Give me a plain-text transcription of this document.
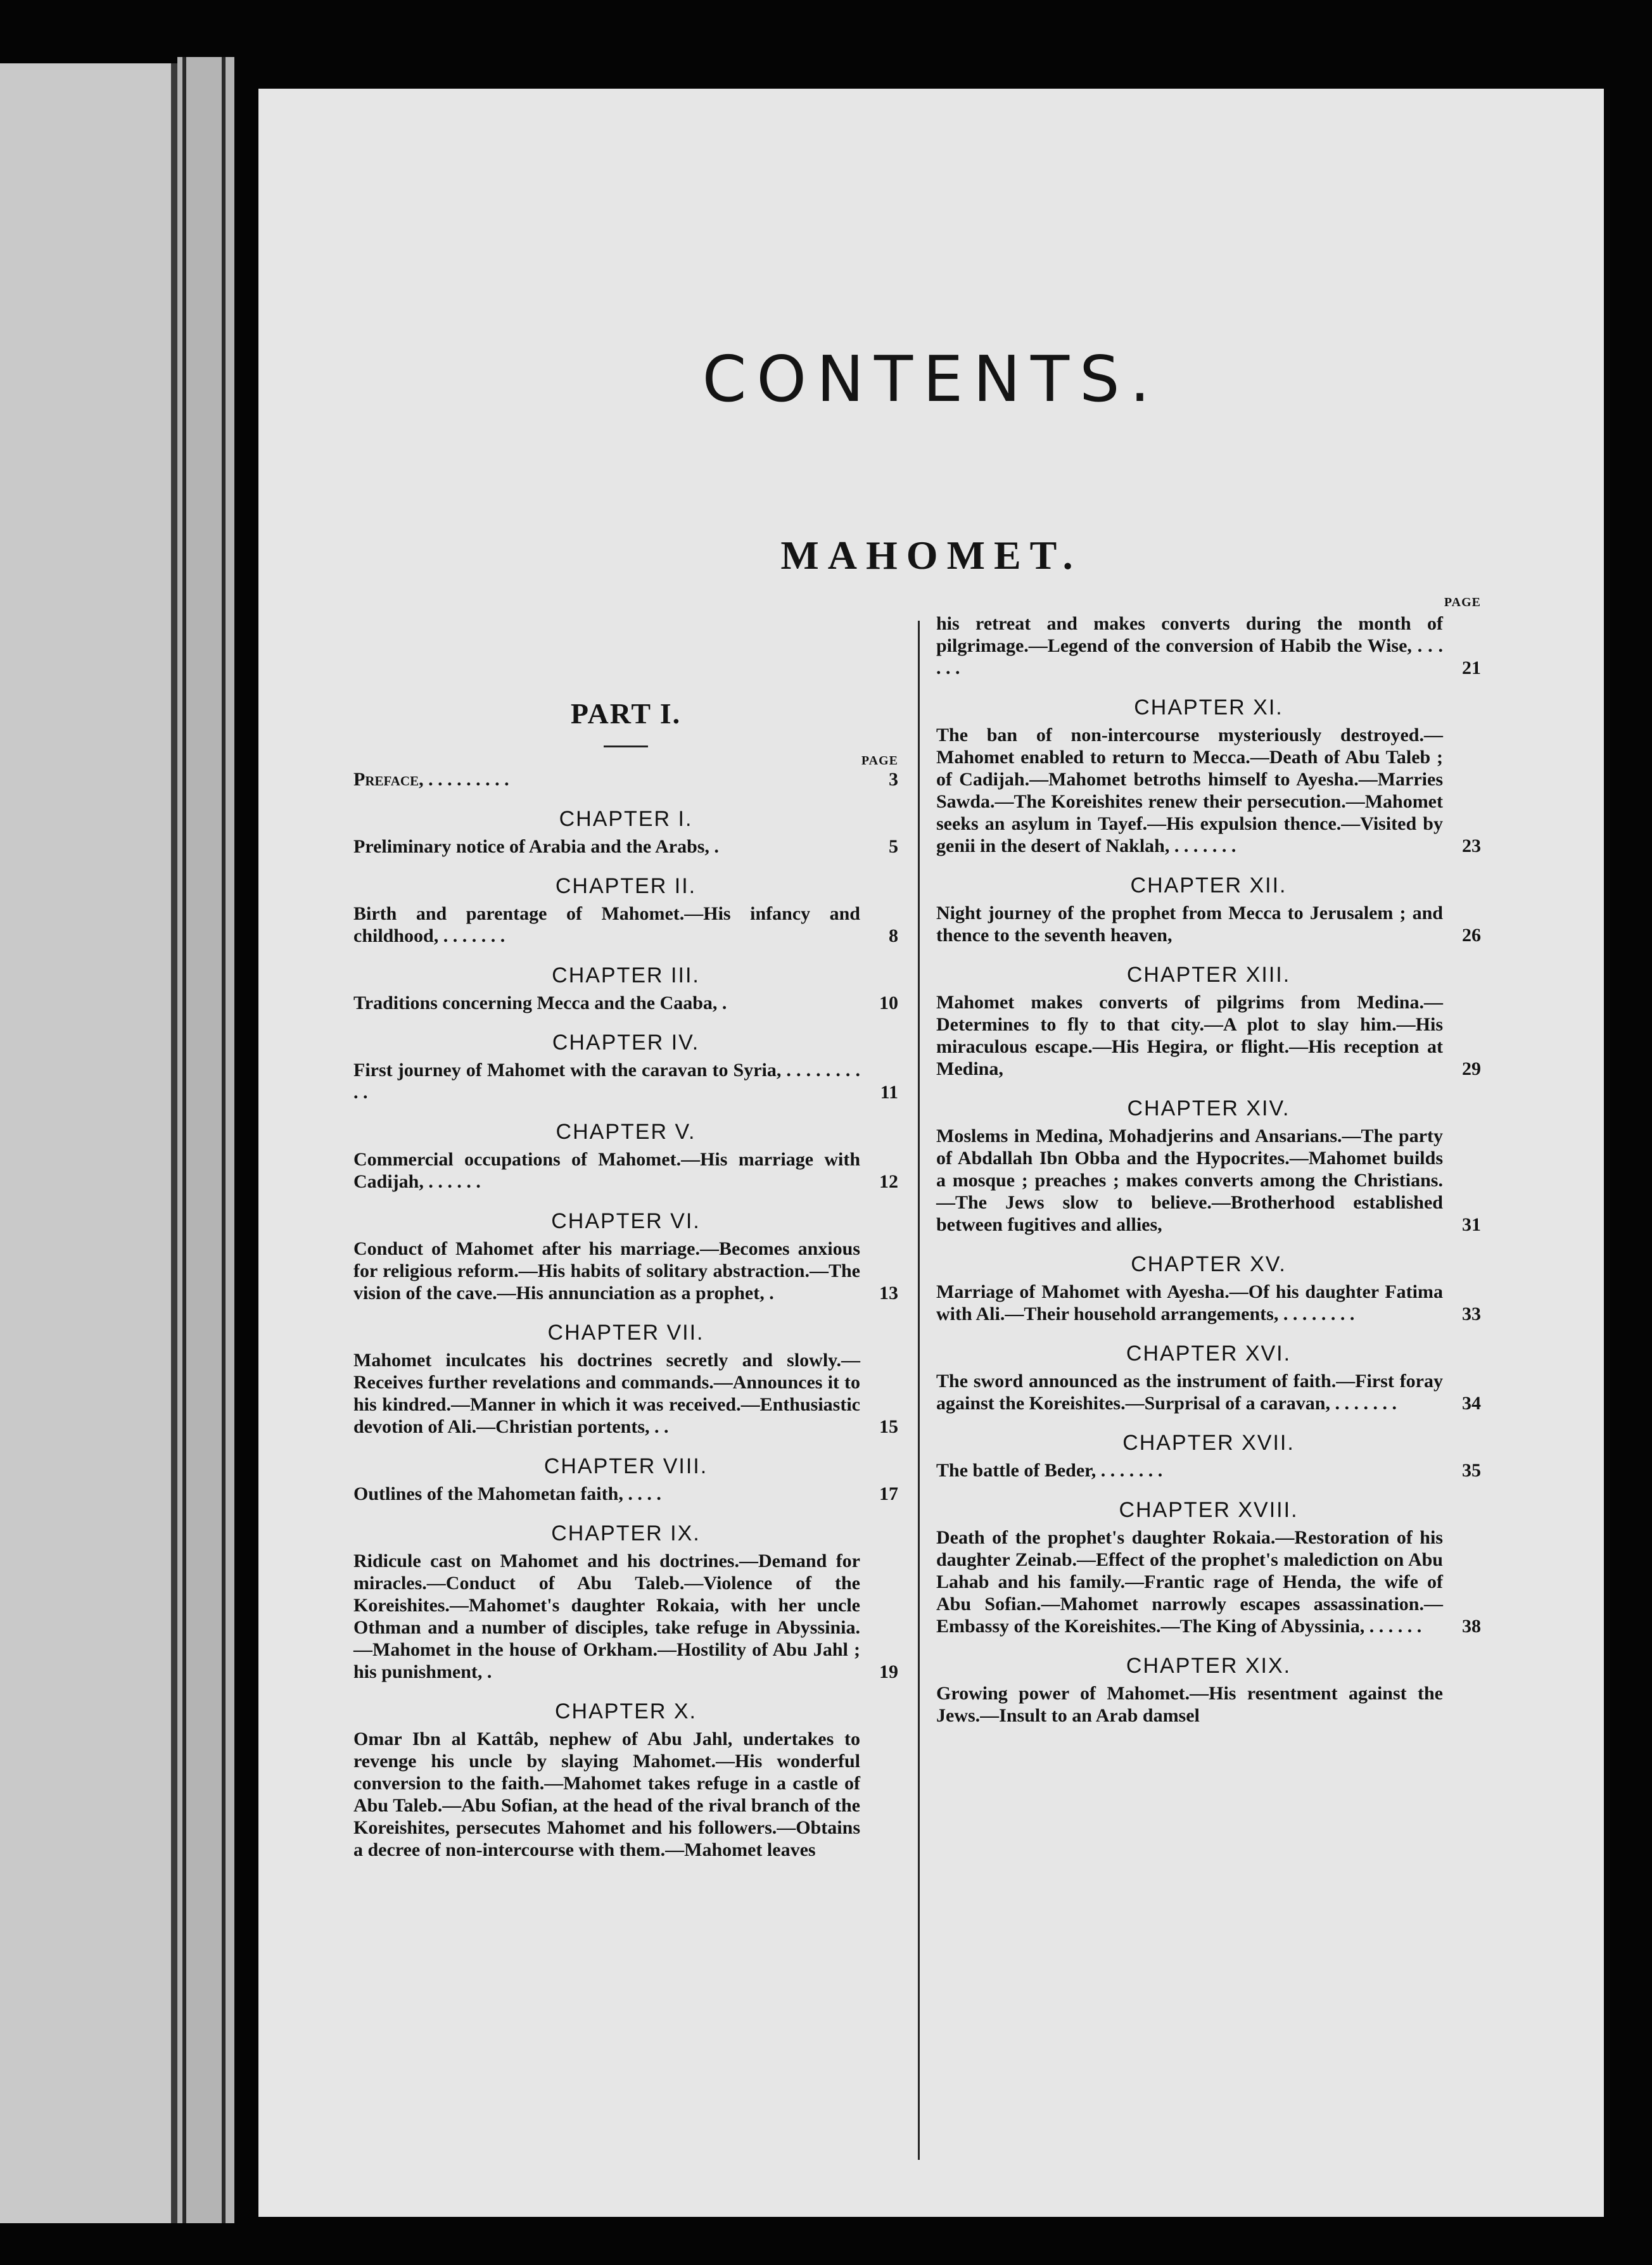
CONTENTS.
MAHOMET.
PART I.
PAGE
Preface, . . . . . . . . .	3
CHAPTER I.
Preliminary notice of Arabia and the Arabs, .	5
CHAPTER II.
Birth and parentage of Mahomet.—His infancy and childhood, . . . . . . .	8
CHAPTER III.
Traditions concerning Mecca and the Caaba, .	10
CHAPTER IV.
First journey of Mahomet with the caravan to Syria, . . . . . . . . . .	11
CHAPTER V.
Commercial occupations of Mahomet.—His marriage with Cadijah, . . . . . .	12
CHAPTER VI.
Conduct of Mahomet after his marriage.—Becomes anxious for religious reform.—His habits of solitary abstraction.—The vision of the cave.—His annunciation as a prophet, .	13
CHAPTER VII.
Mahomet inculcates his doctrines secretly and slowly.—Receives further revelations and commands.—Announces it to his kindred.—Manner in which it was received.—Enthusiastic devotion of Ali.—Christian portents, . .	15
CHAPTER VIII.
Outlines of the Mahometan faith, . . . .	17
CHAPTER IX.
Ridicule cast on Mahomet and his doctrines.—Demand for miracles.—Conduct of Abu Taleb.—Violence of the Koreishites.—Mahomet's daughter Rokaia, with her uncle Othman and a number of disciples, take refuge in Abyssinia.—Mahomet in the house of Orkham.—Hostility of Abu Jahl ; his punishment, .	19
CHAPTER X.
Omar Ibn al Kattâb, nephew of Abu Jahl, undertakes to revenge his uncle by slaying Mahomet.—His wonderful conversion to the faith.—Mahomet takes refuge in a castle of Abu Taleb.—Abu Sofian, at the head of the rival branch of the Koreishites, persecutes Mahomet and his followers.—Obtains a decree of non-intercourse with them.—Mahomet leaves
PAGE
his retreat and makes converts during the month of pilgrimage.—Legend of the conversion of Habib the Wise, . . . . . .	21
CHAPTER XI.
The ban of non-intercourse mysteriously destroyed.—Mahomet enabled to return to Mecca.—Death of Abu Taleb ; of Cadijah.—Mahomet betroths himself to Ayesha.—Marries Sawda.—The Koreishites renew their persecution.—Mahomet seeks an asylum in Tayef.—His expulsion thence.—Visited by genii in the desert of Naklah, . . . . . . .	23
CHAPTER XII.
Night journey of the prophet from Mecca to Jerusalem ; and thence to the seventh heaven,	26
CHAPTER XIII.
Mahomet makes converts of pilgrims from Medina.—Determines to fly to that city.—A plot to slay him.—His miraculous escape.—His Hegira, or flight.—His reception at Medina,	29
CHAPTER XIV.
Moslems in Medina, Mohadjerins and Ansarians.—The party of Abdallah Ibn Obba and the Hypocrites.—Mahomet builds a mosque ; preaches ; makes converts among the Christians.—The Jews slow to believe.—Brotherhood established between fugitives and allies,	31
CHAPTER XV.
Marriage of Mahomet with Ayesha.—Of his daughter Fatima with Ali.—Their household arrangements, . . . . . . . .	33
CHAPTER XVI.
The sword announced as the instrument of faith.—First foray against the Koreishites.—Surprisal of a caravan, . . . . . . .	34
CHAPTER XVII.
The battle of Beder, . . . . . . .	35
CHAPTER XVIII.
Death of the prophet's daughter Rokaia.—Restoration of his daughter Zeinab.—Effect of the prophet's malediction on Abu Lahab and his family.—Frantic rage of Henda, the wife of Abu Sofian.—Mahomet narrowly escapes assassination.—Embassy of the Koreishites.—The King of Abyssinia, . . . . . . 38
CHAPTER XIX.
Growing power of Mahomet.—His resentment against the Jews.—Insult to an Arab damsel
